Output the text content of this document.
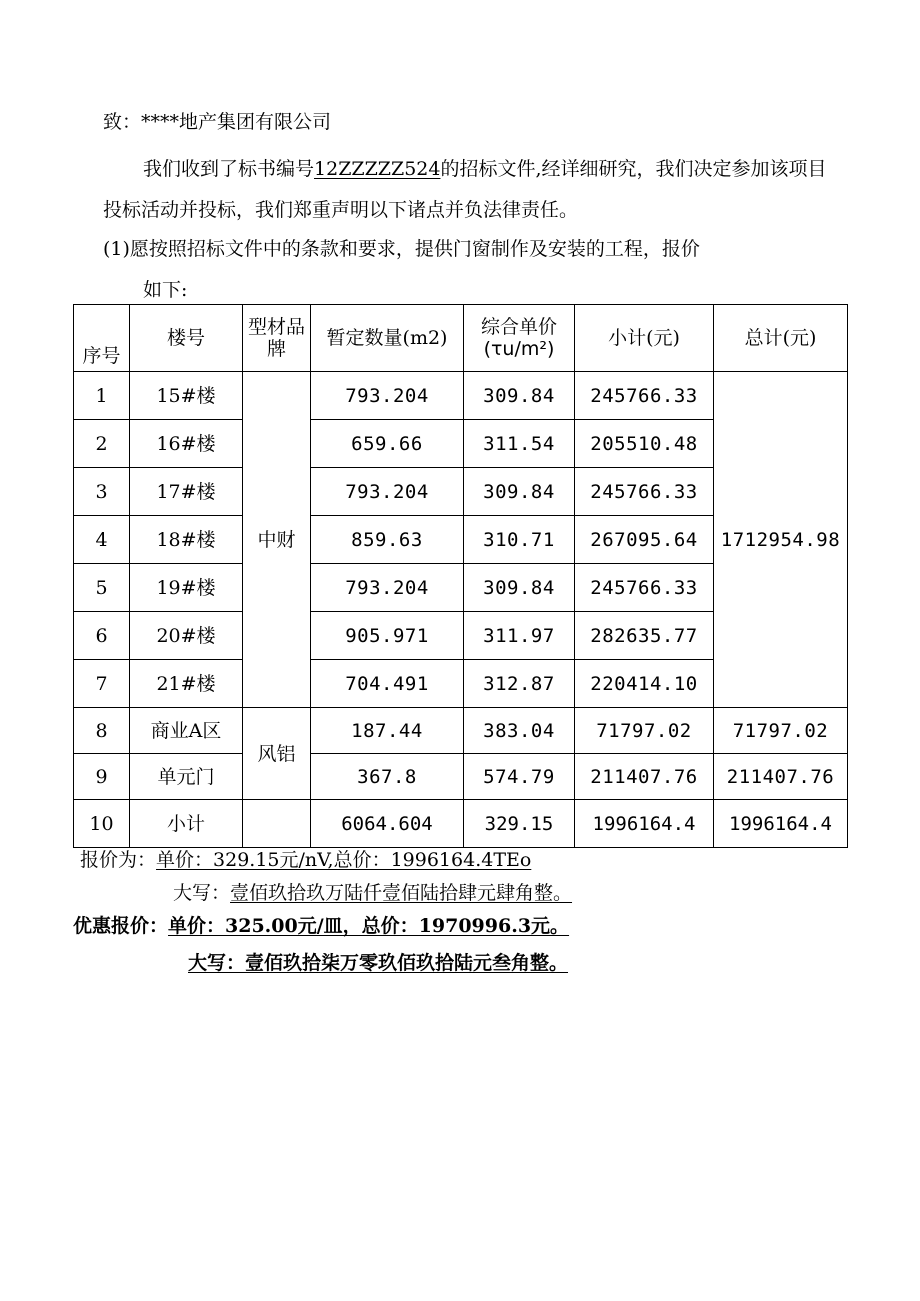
致：****地产集团有限公司
我们收到了标书编号12ZZZZZ524的招标文件,经详细研究，我们决定参加该项目
投标活动并投标，我们郑重声明以下诸点并负法律责任。
(1)愿按照招标文件中的条款和要求，提供门窗制作及安装的工程，报价
如下:
序号	楼号	型材品牌	暂定数量(m2)	综合单价
(τu∕m²)	小计(元)	总计(元)
1	15#楼	中财	793.204	309.84	245766.33	1712954.98
2	16#楼		659.66	311.54	205510.48	
3	17#楼		793.204	309.84	245766.33	
4	18#楼		859.63	310.71	267095.64	
5	19#楼		793.204	309.84	245766.33	
6	20#楼		905.971	311.97	282635.77	
7	21#楼		704.491	312.87	220414.10	
8	商业A区	风铝	187.44	383.04	71797.02	71797.02
9	单元门		367.8	574.79	211407.76	211407.76
10	小计		6064.604	329.15	1996164.4	1996164.4
报价为：单价：329.15元/nV,总价：1996164.4TEo
大写：壹佰玖拾玖万陆仟壹佰陆拾肆元肆角整。
优惠报价：单价：325.00元/皿，总价：1970996.3元。
大写：壹佰玖拾柒万零玖佰玖拾陆元叁角整。
